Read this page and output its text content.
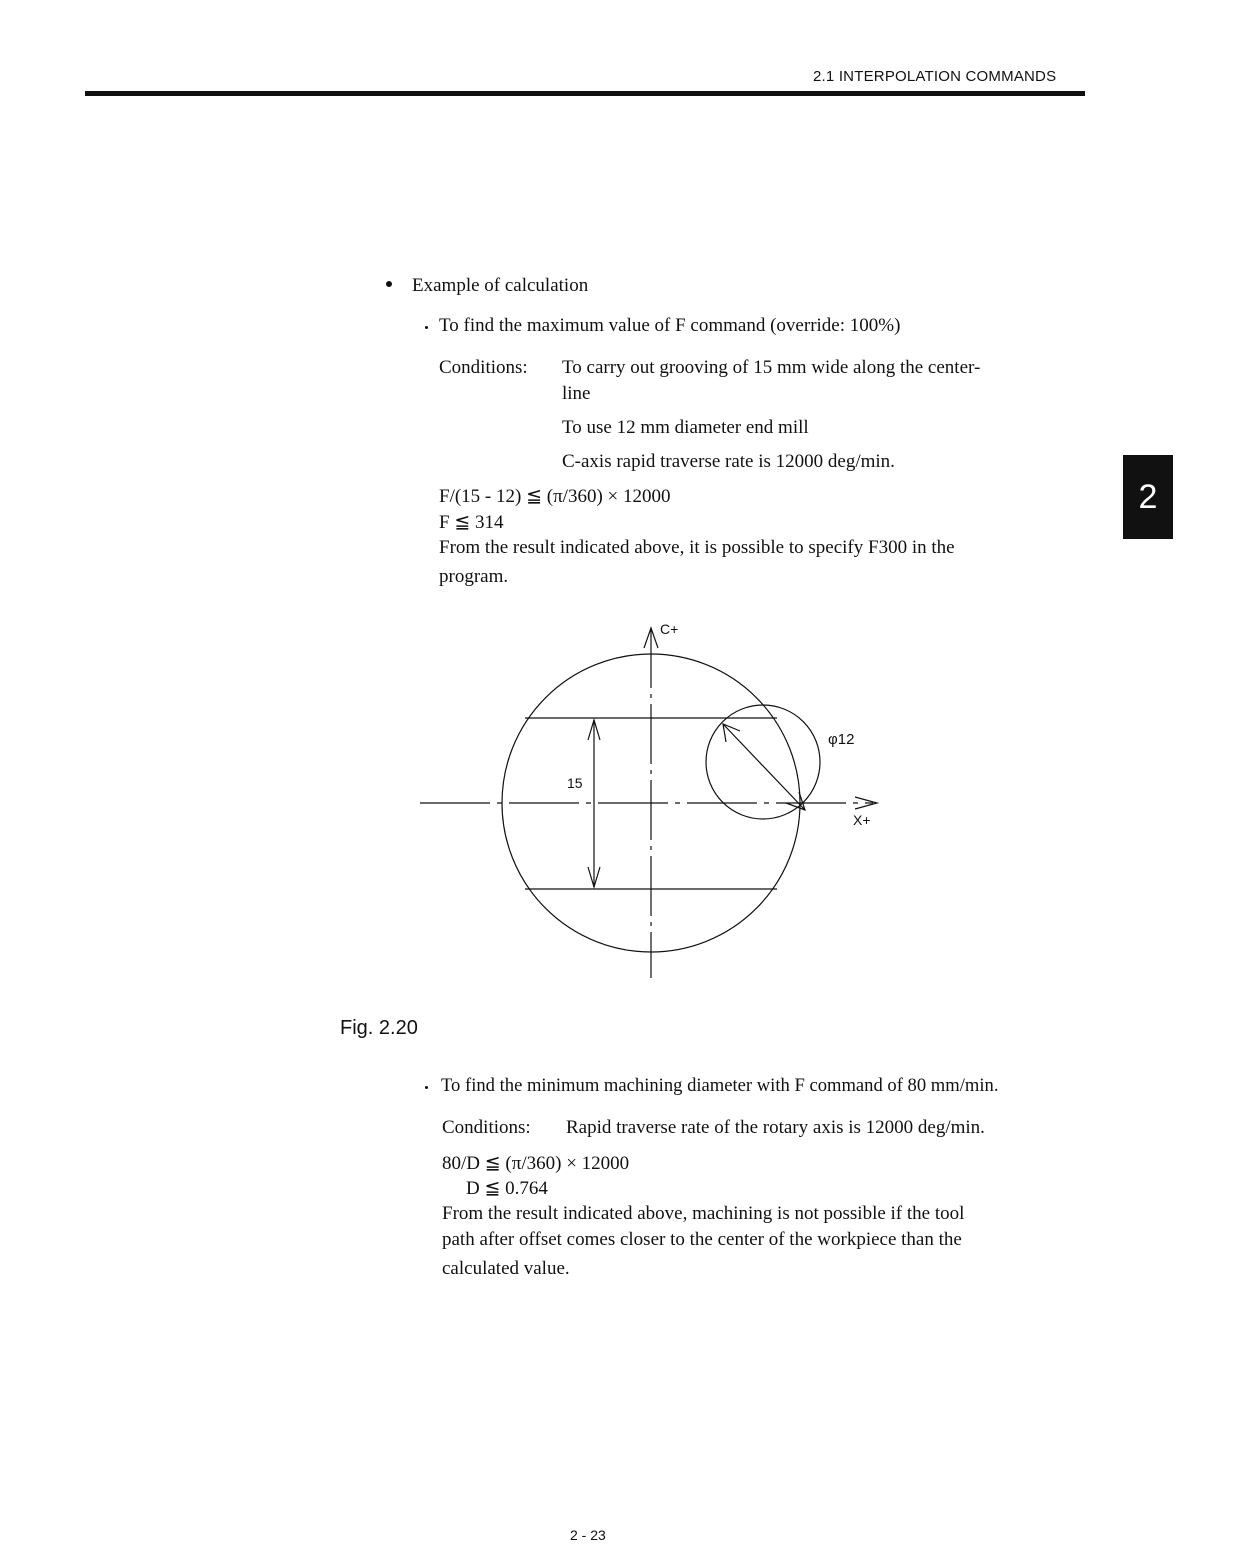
2.1 INTERPOLATION COMMANDS
2
Example of calculation
To find the maximum value of F command (override: 100%)
Conditions: To carry out grooving of 15 mm wide along the center-
line
To use 12 mm diameter end mill
C-axis rapid traverse rate is 12000 deg/min.
F/(15 - 12) ≦ (π/360) × 12000
F ≦ 314
From the result indicated above, it is possible to specify F300 in the
program.
C+
X+
φ12
15
Fig. 2.20
To find the minimum machining diameter with F command of 80 mm/min.
Conditions: Rapid traverse rate of the rotary axis is 12000 deg/min.
80/D ≦ (π/360) × 12000
D ≦ 0.764
From the result indicated above, machining is not possible if the tool
path after offset comes closer to the center of the workpiece than the
calculated value.
2 - 23
